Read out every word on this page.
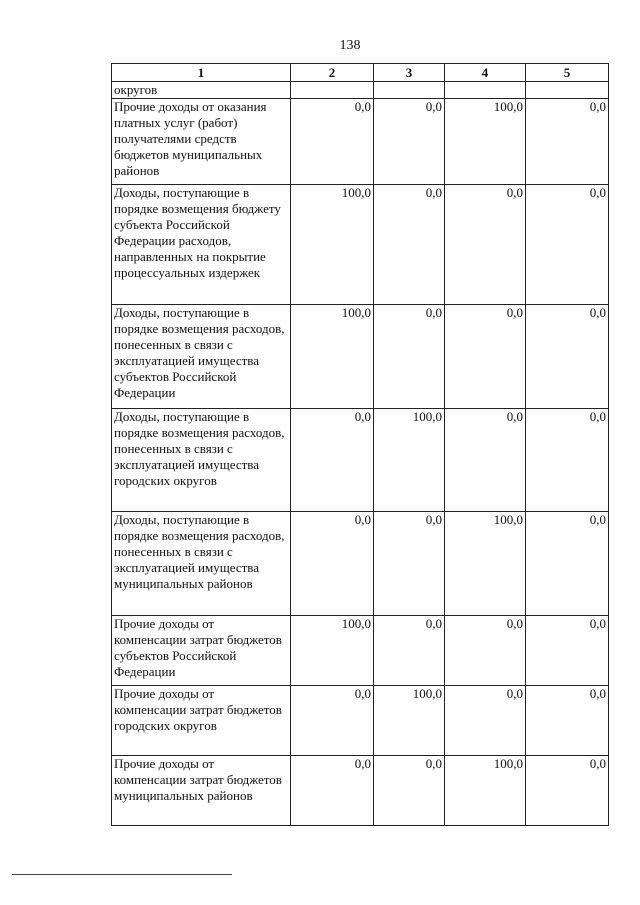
138
1	2	3	4	5
округов				
Прочие доходы от оказания платных услуг (работ) получателями средств бюджетов муниципальных районов	0,0	0,0	100,0	0,0
Доходы, поступающие в порядке возмещения бюджету субъекта Российской Федерации расходов, направленных на покрытие процессуальных издержек	100,0	0,0	0,0	0,0
Доходы, поступающие в порядке возмещения расходов, понесенных в связи с эксплуатацией имущества субъектов Российской Федерации	100,0	0,0	0,0	0,0
Доходы, поступающие в порядке возмещения расходов, понесенных в связи с эксплуатацией имущества городских округов	0,0	100,0	0,0	0,0
Доходы, поступающие в порядке возмещения расходов, понесенных в связи с эксплуатацией имущества муниципальных районов	0,0	0,0	100,0	0,0
Прочие доходы от компенсации затрат бюджетов субъектов Российской Федерации	100,0	0,0	0,0	0,0
Прочие доходы от компенсации затрат бюджетов городских округов	0,0	100,0	0,0	0,0
Прочие доходы от компенсации затрат бюджетов муниципальных районов	0,0	0,0	100,0	0,0
